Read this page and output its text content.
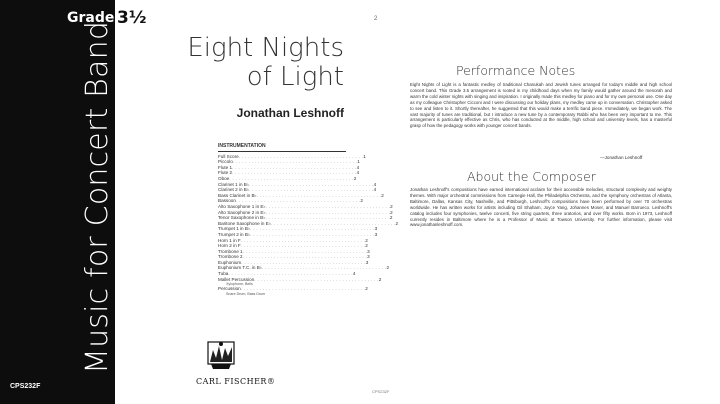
Grade 3½
Music for Concert Band
CPS232F
2
Eight Nights
of Light
Jonathan Leshnoff
INSTRUMENTATION
Full Score . . . . . . . . . . . . . . . . . . . . . . . . . . . . . . . . . . . . . . . . 1
Piccolo . . . . . . . . . . . . . . . . . . . . . . . . . . . . . . . . . . . . . . . . 1
Flute 1 . . . . . . . . . . . . . . . . . . . . . . . . . . . . . . . . . . . . . . . . 4
Flute 2 . . . . . . . . . . . . . . . . . . . . . . . . . . . . . . . . . . . . . . . . 4
Oboe . . . . . . . . . . . . . . . . . . . . . . . . . . . . . . . . . . . . . . . . 2
Clarinet 1 in B♭ . . . . . . . . . . . . . . . . . . . . . . . . . . . . . . . . . . . . . . . . 4
Clarinet 2 in B♭ . . . . . . . . . . . . . . . . . . . . . . . . . . . . . . . . . . . . . . . . 4
Bass Clarinet in B♭ . . . . . . . . . . . . . . . . . . . . . . . . . . . . . . . . . . . . . . . . 2
Bassoon . . . . . . . . . . . . . . . . . . . . . . . . . . . . . . . . . . . . . . . . 2
Alto Saxophone 1 in E♭ . . . . . . . . . . . . . . . . . . . . . . . . . . . . . . . . . . . . . . . . 2
Alto Saxophone 2 in E♭ . . . . . . . . . . . . . . . . . . . . . . . . . . . . . . . . . . . . . . . . 2
Tenor Saxophone in B♭ . . . . . . . . . . . . . . . . . . . . . . . . . . . . . . . . . . . . . . . . 2
Baritone Saxophone in E♭ . . . . . . . . . . . . . . . . . . . . . . . . . . . . . . . . . . . . . . . . 2
Trumpet 1 in B♭ . . . . . . . . . . . . . . . . . . . . . . . . . . . . . . . . . . . . . . . . 3
Trumpet 2 in B♭ . . . . . . . . . . . . . . . . . . . . . . . . . . . . . . . . . . . . . . . . 3
Horn 1 in F . . . . . . . . . . . . . . . . . . . . . . . . . . . . . . . . . . . . . . . . 2
Horn 2 in F . . . . . . . . . . . . . . . . . . . . . . . . . . . . . . . . . . . . . . . . 2
Trombone 1 . . . . . . . . . . . . . . . . . . . . . . . . . . . . . . . . . . . . . . . . 3
Trombone 2 . . . . . . . . . . . . . . . . . . . . . . . . . . . . . . . . . . . . . . . . 3
Euphonium . . . . . . . . . . . . . . . . . . . . . . . . . . . . . . . . . . . . . . . . 3
Euphonium T.C. in B♭ . . . . . . . . . . . . . . . . . . . . . . . . . . . . . . . . . . . . . . . . 2
Tuba . . . . . . . . . . . . . . . . . . . . . . . . . . . . . . . . . . . . . . . . 4
Mallet Percussion . . . . . . . . . . . . . . . . . . . . . . . . . . . . . . . . . . . . . . . . 2
Xylophone, Bells
Percussion . . . . . . . . . . . . . . . . . . . . . . . . . . . . . . . . . . . . . . . . 2
Snare Drum, Bass Drum
CARL FISCHER®
CPS232F
Performance Notes
Eight Nights of Light is a fantastic medley of traditional Chanukah and Jewish tunes arranged for today's middle and high school concert band. This Grade 3.5 arrangement is rooted in my childhood days when my family would gather around the menorah and warm the cold winter nights with singing and inspiration. I originally made this medley for piano and for my own personal use. One day as my colleague Christopher Cicconi and I were discussing our holiday plans, my medley came up in conversation. Christopher asked to see and listen to it. Shortly thereafter, he suggested that this would make a terrific band piece. Immediately, we began work. The vast majority of tunes are traditional, but I introduce a new tune by a contemporary Rabbi who has been very important to me. This arrangement is particularly effective as Chris, who has conducted at the middle, high school and university levels, has a masterful grasp of how the pedagogy works with younger concert bands.
—Jonathan Leshnoff
About the Composer
Jonathan Leshnoff's compositions have earned international acclaim for their accessible melodies, structural complexity and weighty themes. With major orchestral commissions from Carnegie Hall, the Philadelphia Orchestra, and the symphony orchestras of Atlanta, Baltimore, Dallas, Kansas City, Nashville, and Pittsburgh, Leshnoff's compositions have been performed by over 70 orchestras worldwide. He has written works for artists including Gil Shaham, Joyce Yang, Johannes Moser, and Manuel Barrueco. Leshnoff's catalog includes four symphonies, twelve concerti, five string quartets, three oratorios, and over fifty works. Born in 1973, Leshnoff currently resides in Baltimore where he is a Professor of Music at Towson University. For further information, please visit www.jonathanleshnoff.com.
